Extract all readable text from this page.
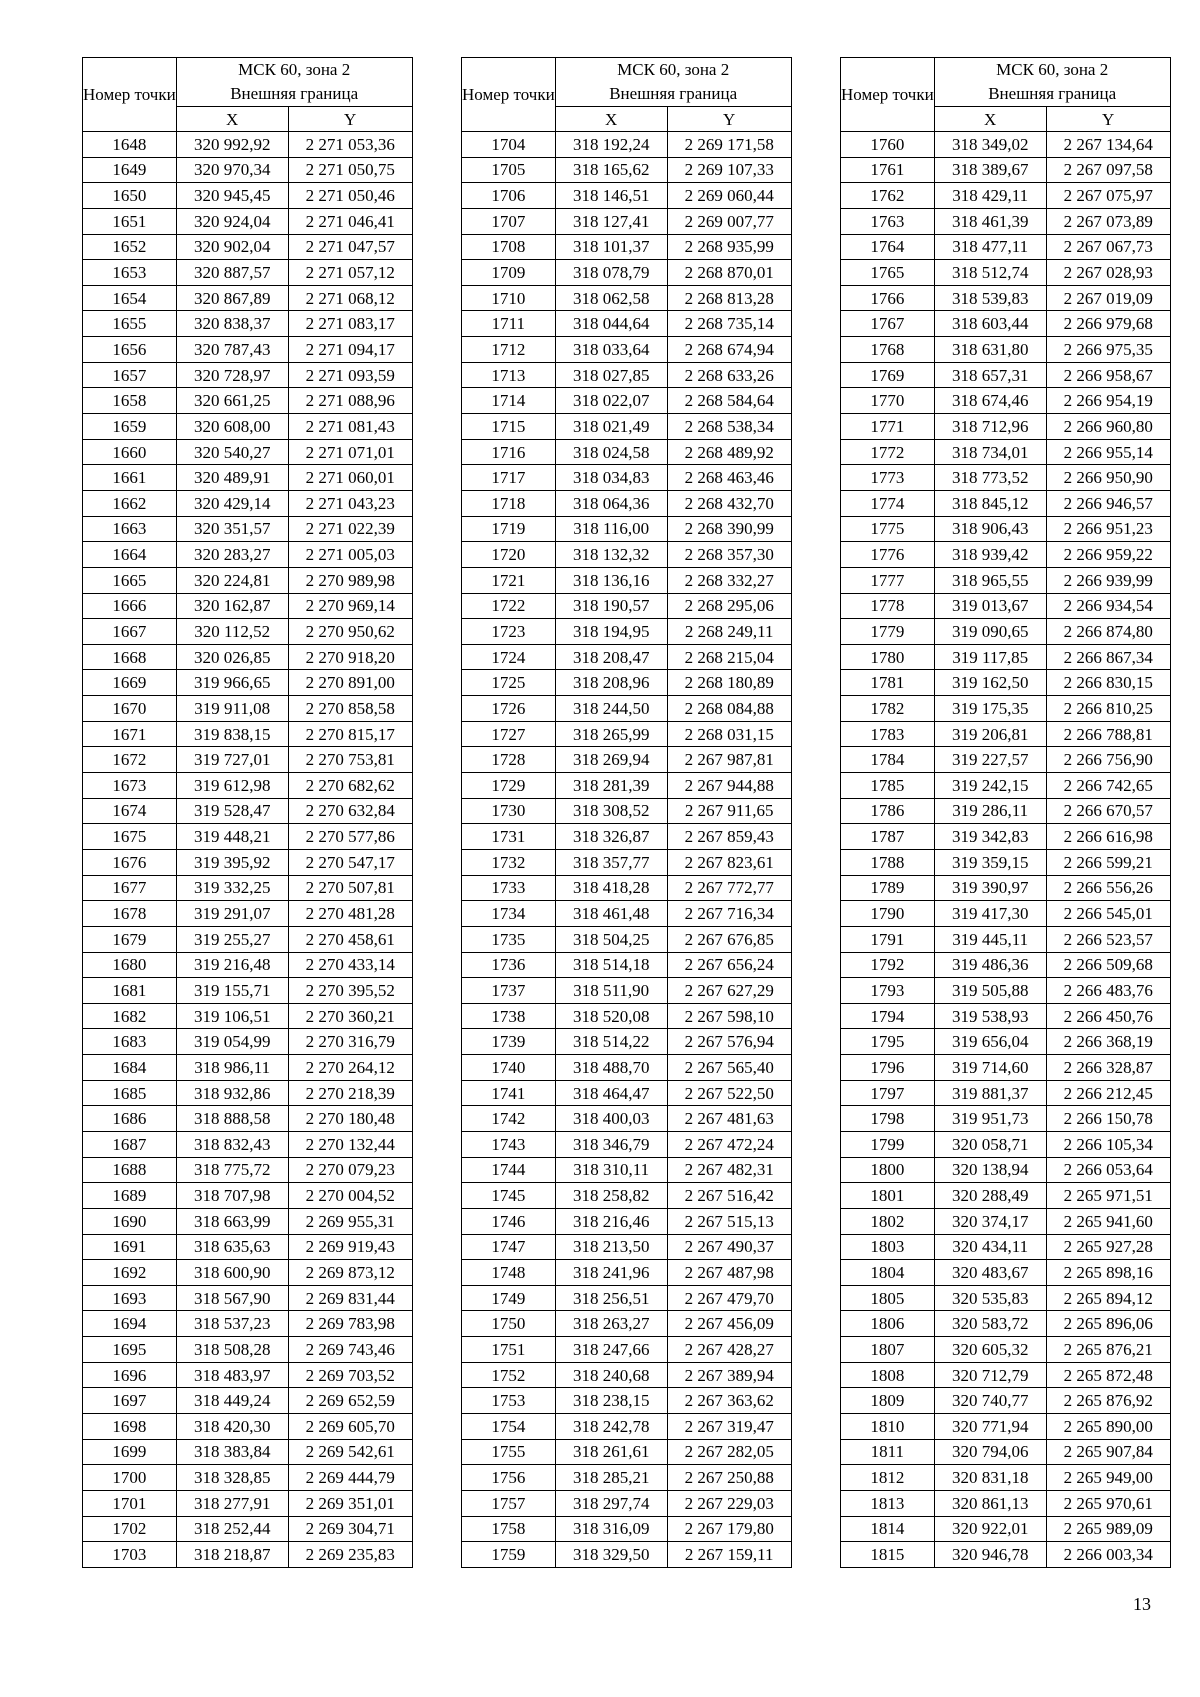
Номер точки	МСК 60, зона 2
Внешняя граница	

	X	Y
1648	320 992,92	2 271 053,36
1649	320 970,34	2 271 050,75
1650	320 945,45	2 271 050,46
1651	320 924,04	2 271 046,41
1652	320 902,04	2 271 047,57
1653	320 887,57	2 271 057,12
1654	320 867,89	2 271 068,12
1655	320 838,37	2 271 083,17
1656	320 787,43	2 271 094,17
1657	320 728,97	2 271 093,59
1658	320 661,25	2 271 088,96
1659	320 608,00	2 271 081,43
1660	320 540,27	2 271 071,01
1661	320 489,91	2 271 060,01
1662	320 429,14	2 271 043,23
1663	320 351,57	2 271 022,39
1664	320 283,27	2 271 005,03
1665	320 224,81	2 270 989,98
1666	320 162,87	2 270 969,14
1667	320 112,52	2 270 950,62
1668	320 026,85	2 270 918,20
1669	319 966,65	2 270 891,00
1670	319 911,08	2 270 858,58
1671	319 838,15	2 270 815,17
1672	319 727,01	2 270 753,81
1673	319 612,98	2 270 682,62
1674	319 528,47	2 270 632,84
1675	319 448,21	2 270 577,86
1676	319 395,92	2 270 547,17
1677	319 332,25	2 270 507,81
1678	319 291,07	2 270 481,28
1679	319 255,27	2 270 458,61
1680	319 216,48	2 270 433,14
1681	319 155,71	2 270 395,52
1682	319 106,51	2 270 360,21
1683	319 054,99	2 270 316,79
1684	318 986,11	2 270 264,12
1685	318 932,86	2 270 218,39
1686	318 888,58	2 270 180,48
1687	318 832,43	2 270 132,44
1688	318 775,72	2 270 079,23
1689	318 707,98	2 270 004,52
1690	318 663,99	2 269 955,31
1691	318 635,63	2 269 919,43
1692	318 600,90	2 269 873,12
1693	318 567,90	2 269 831,44
1694	318 537,23	2 269 783,98
1695	318 508,28	2 269 743,46
1696	318 483,97	2 269 703,52
1697	318 449,24	2 269 652,59
1698	318 420,30	2 269 605,70
1699	318 383,84	2 269 542,61
1700	318 328,85	2 269 444,79
1701	318 277,91	2 269 351,01
1702	318 252,44	2 269 304,71
1703	318 218,87	2 269 235,83
Номер точки	МСК 60, зона 2
Внешняя граница	

	X	Y
1704	318 192,24	2 269 171,58
1705	318 165,62	2 269 107,33
1706	318 146,51	2 269 060,44
1707	318 127,41	2 269 007,77
1708	318 101,37	2 268 935,99
1709	318 078,79	2 268 870,01
1710	318 062,58	2 268 813,28
1711	318 044,64	2 268 735,14
1712	318 033,64	2 268 674,94
1713	318 027,85	2 268 633,26
1714	318 022,07	2 268 584,64
1715	318 021,49	2 268 538,34
1716	318 024,58	2 268 489,92
1717	318 034,83	2 268 463,46
1718	318 064,36	2 268 432,70
1719	318 116,00	2 268 390,99
1720	318 132,32	2 268 357,30
1721	318 136,16	2 268 332,27
1722	318 190,57	2 268 295,06
1723	318 194,95	2 268 249,11
1724	318 208,47	2 268 215,04
1725	318 208,96	2 268 180,89
1726	318 244,50	2 268 084,88
1727	318 265,99	2 268 031,15
1728	318 269,94	2 267 987,81
1729	318 281,39	2 267 944,88
1730	318 308,52	2 267 911,65
1731	318 326,87	2 267 859,43
1732	318 357,77	2 267 823,61
1733	318 418,28	2 267 772,77
1734	318 461,48	2 267 716,34
1735	318 504,25	2 267 676,85
1736	318 514,18	2 267 656,24
1737	318 511,90	2 267 627,29
1738	318 520,08	2 267 598,10
1739	318 514,22	2 267 576,94
1740	318 488,70	2 267 565,40
1741	318 464,47	2 267 522,50
1742	318 400,03	2 267 481,63
1743	318 346,79	2 267 472,24
1744	318 310,11	2 267 482,31
1745	318 258,82	2 267 516,42
1746	318 216,46	2 267 515,13
1747	318 213,50	2 267 490,37
1748	318 241,96	2 267 487,98
1749	318 256,51	2 267 479,70
1750	318 263,27	2 267 456,09
1751	318 247,66	2 267 428,27
1752	318 240,68	2 267 389,94
1753	318 238,15	2 267 363,62
1754	318 242,78	2 267 319,47
1755	318 261,61	2 267 282,05
1756	318 285,21	2 267 250,88
1757	318 297,74	2 267 229,03
1758	318 316,09	2 267 179,80
1759	318 329,50	2 267 159,11
Номер точки	МСК 60, зона 2
Внешняя граница	

	X	Y
1760	318 349,02	2 267 134,64
1761	318 389,67	2 267 097,58
1762	318 429,11	2 267 075,97
1763	318 461,39	2 267 073,89
1764	318 477,11	2 267 067,73
1765	318 512,74	2 267 028,93
1766	318 539,83	2 267 019,09
1767	318 603,44	2 266 979,68
1768	318 631,80	2 266 975,35
1769	318 657,31	2 266 958,67
1770	318 674,46	2 266 954,19
1771	318 712,96	2 266 960,80
1772	318 734,01	2 266 955,14
1773	318 773,52	2 266 950,90
1774	318 845,12	2 266 946,57
1775	318 906,43	2 266 951,23
1776	318 939,42	2 266 959,22
1777	318 965,55	2 266 939,99
1778	319 013,67	2 266 934,54
1779	319 090,65	2 266 874,80
1780	319 117,85	2 266 867,34
1781	319 162,50	2 266 830,15
1782	319 175,35	2 266 810,25
1783	319 206,81	2 266 788,81
1784	319 227,57	2 266 756,90
1785	319 242,15	2 266 742,65
1786	319 286,11	2 266 670,57
1787	319 342,83	2 266 616,98
1788	319 359,15	2 266 599,21
1789	319 390,97	2 266 556,26
1790	319 417,30	2 266 545,01
1791	319 445,11	2 266 523,57
1792	319 486,36	2 266 509,68
1793	319 505,88	2 266 483,76
1794	319 538,93	2 266 450,76
1795	319 656,04	2 266 368,19
1796	319 714,60	2 266 328,87
1797	319 881,37	2 266 212,45
1798	319 951,73	2 266 150,78
1799	320 058,71	2 266 105,34
1800	320 138,94	2 266 053,64
1801	320 288,49	2 265 971,51
1802	320 374,17	2 265 941,60
1803	320 434,11	2 265 927,28
1804	320 483,67	2 265 898,16
1805	320 535,83	2 265 894,12
1806	320 583,72	2 265 896,06
1807	320 605,32	2 265 876,21
1808	320 712,79	2 265 872,48
1809	320 740,77	2 265 876,92
1810	320 771,94	2 265 890,00
1811	320 794,06	2 265 907,84
1812	320 831,18	2 265 949,00
1813	320 861,13	2 265 970,61
1814	320 922,01	2 265 989,09
1815	320 946,78	2 266 003,34
13
